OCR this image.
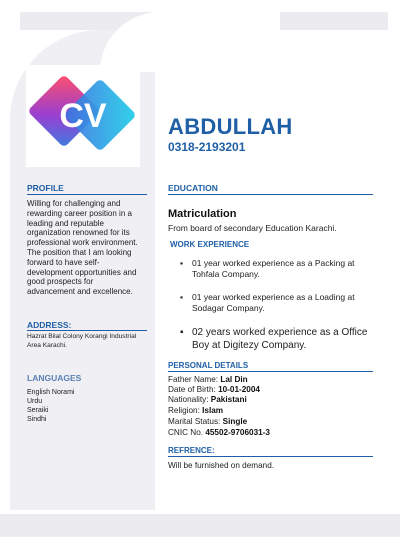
CV	ABDULLAH
0318-2193201
PROFILE
Willing for challenging and rewarding career position in a leading and reputable organization renowned for its professional work environment. The position that I am looking forward to have self-development opportunities and good prospects for advancement and excellence.
ADDRESS:
Hazrat Bilal Colony Korangi Industrial Area Karachi.
LANGUAGES
English Norami
Urdu
Seraiki
Sindhi
EDUCATION
Matriculation
From board of secondary Education Karachi.
WORK EXPERIENCE
▪ 01 year worked experience as a Packing at Tohfala Company.
▪ 01 year worked experience as a Loading at Sodagar Company.
▪ 02 years worked experience as a Office Boy at Digitezy Company.
PERSONAL DETAILS
Father Name: Lal Din
Date of Birth: 10-01-2004
Nationality: Pakistani
Religion: Islam
Marital Status: Single
CNIC No. 45502-9706031-3
REFRENCE:
Will be furnished on demand.
